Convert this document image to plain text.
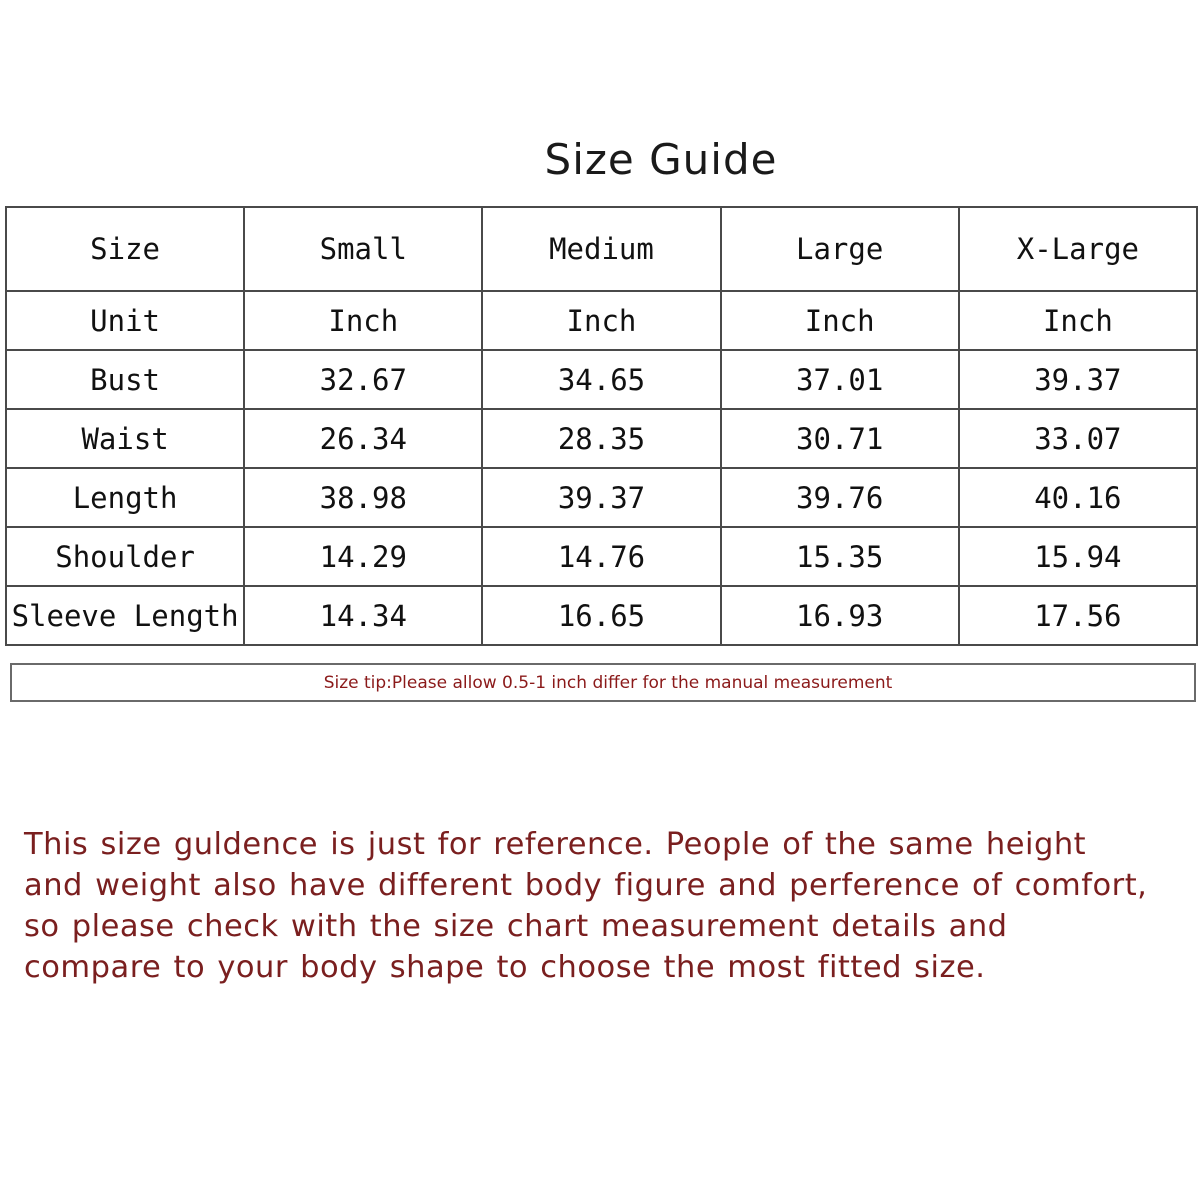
Size Guide
Size	Small	Medium	Large	X-Large
Unit	Inch	Inch	Inch	Inch
Bust	32.67	34.65	37.01	39.37
Waist	26.34	28.35	30.71	33.07
Length	38.98	39.37	39.76	40.16
Shoulder	14.29	14.76	15.35	15.94
Sleeve Length	14.34	16.65	16.93	17.56
Size tip:Please allow 0.5-1 inch differ for the manual measurement
This size guldence is just for reference. People of the same height and weight also have different body figure and perference of comfort, so please check with the size chart measurement details and compare to your body shape to choose the most fitted size.
